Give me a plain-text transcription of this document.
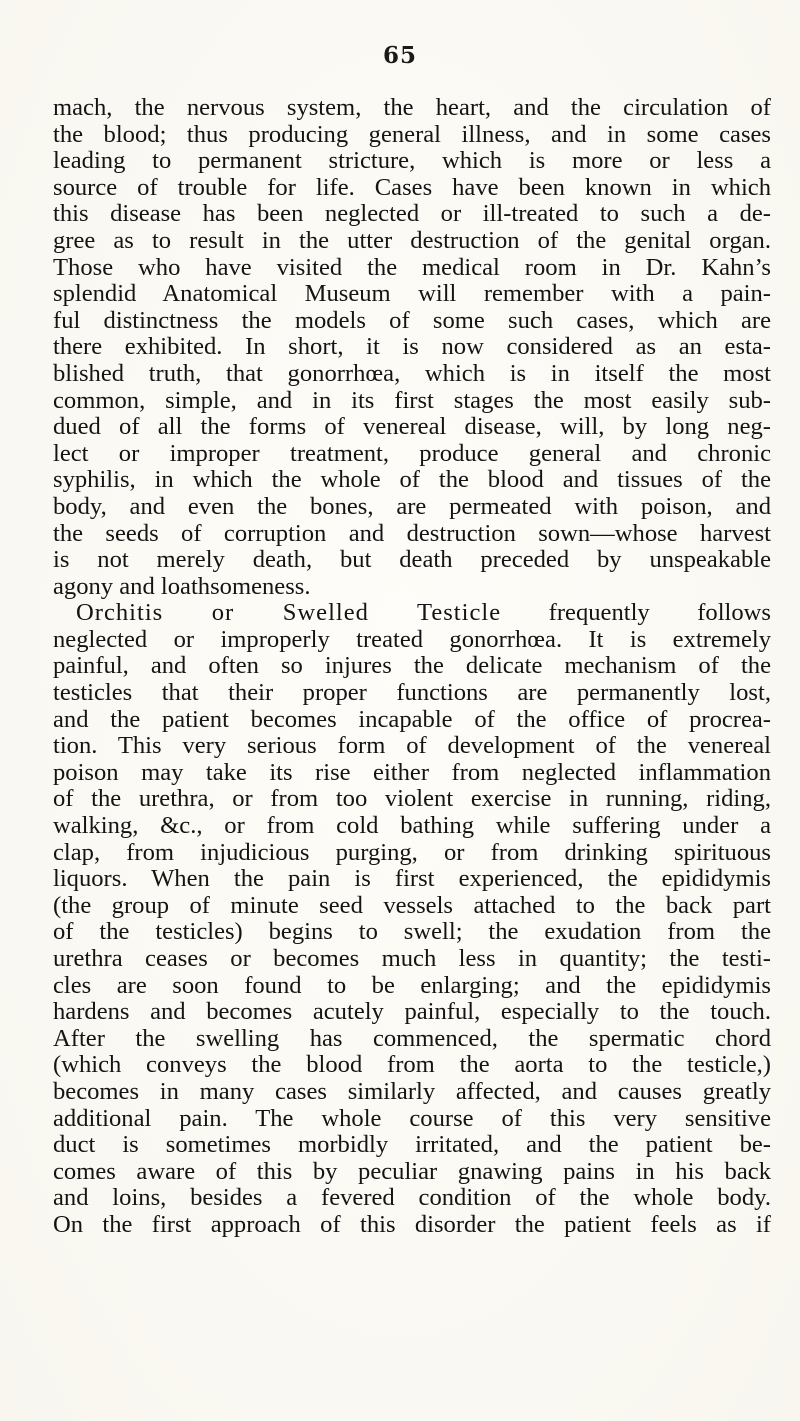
65
mach, the nervous system, the heart, and the circulation of
the blood; thus producing general illness, and in some cases
leading to permanent stricture, which is more or less a
source of trouble for life. Cases have been known in which
this disease has been neglected or ill-treated to such a de-
gree as to result in the utter destruction of the genital organ.
Those who have visited the medical room in Dr. Kahn’s
splendid Anatomical Museum will remember with a pain-
ful distinctness the models of some such cases, which are
there exhibited. In short, it is now considered as an esta-
blished truth, that gonorrhœa, which is in itself the most
common, simple, and in its first stages the most easily sub-
dued of all the forms of venereal disease, will, by long neg-
lect or improper treatment, produce general and chronic
syphilis, in which the whole of the blood and tissues of the
body, and even the bones, are permeated with poison, and
the seeds of corruption and destruction sown—whose harvest
is not merely death, but death preceded by unspeakable
agony and loathsomeness.
Orchitis or Swelled Testicle frequently follows
neglected or improperly treated gonorrhœa. It is extremely
painful, and often so injures the delicate mechanism of the
testicles that their proper functions are permanently lost,
and the patient becomes incapable of the office of procrea-
tion. This very serious form of development of the venereal
poison may take its rise either from neglected inflammation
of the urethra, or from too violent exercise in running, riding,
walking, &c., or from cold bathing while suffering under a
clap, from injudicious purging, or from drinking spirituous
liquors. When the pain is first experienced, the epididymis
(the group of minute seed vessels attached to the back part
of the testicles) begins to swell; the exudation from the
urethra ceases or becomes much less in quantity; the testi-
cles are soon found to be enlarging; and the epididymis
hardens and becomes acutely painful, especially to the touch.
After the swelling has commenced, the spermatic chord
(which conveys the blood from the aorta to the testicle,)
becomes in many cases similarly affected, and causes greatly
additional pain. The whole course of this very sensitive
duct is sometimes morbidly irritated, and the patient be-
comes aware of this by peculiar gnawing pains in his back
and loins, besides a fevered condition of the whole body.
On the first approach of this disorder the patient feels as if
